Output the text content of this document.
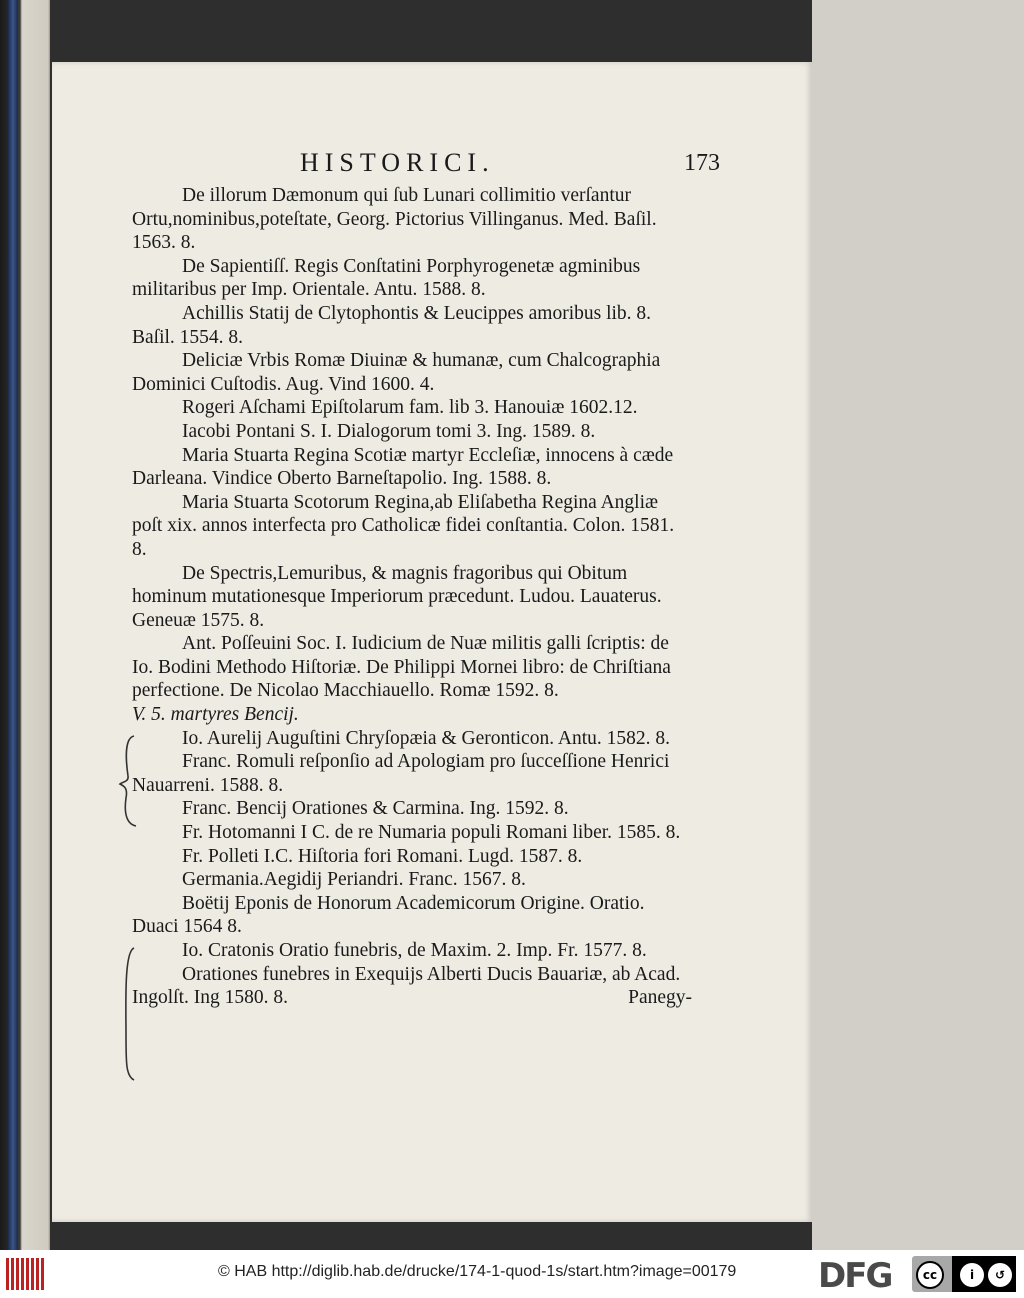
HISTORICI.	173

De illorum Dæmonum qui ſub Lunari collimitio verſantur Ortu,nominibus,poteſtate, Georg. Pictorius Villinganus. Med. Baſil. 1563. 8.

De Sapientiſſ. Regis Conſtatini Porphyrogenetæ agminibus militaribus per Imp. Orientale. Antu. 1588. 8.

Achillis Statij de Clytophontis & Leucippes amoribus lib. 8. Baſil. 1554. 8.

Deliciæ Vrbis Romæ Diuinæ & humanæ, cum Chalcographia Dominici Cuſtodis. Aug. Vind 1600. 4.

Rogeri Aſchami Epiſtolarum fam. lib 3. Hanouiæ 1602.12.

Iacobi Pontani S. I. Dialogorum tomi 3. Ing. 1589. 8.

Maria Stuarta Regina Scotiæ martyr Eccleſiæ, innocens à cæde Darleana. Vindice Oberto Barneſtapolio. Ing. 1588. 8.

Maria Stuarta Scotorum Regina,ab Eliſabetha Regina Angliæ poſt xix. annos interfecta pro Catholicæ fidei conſtantia. Colon. 1581. 8.

De Spectris,Lemuribus, & magnis fragoribus qui Obitum hominum mutationesque Imperiorum præcedunt. Ludou. Lauaterus. Geneuæ 1575. 8.

Ant. Poſſeuini Soc. I. Iudicium de Nuæ militis galli ſcriptis: de Io. Bodini Methodo Hiſtoriæ. De Philippi Mornei libro: de Chriſtiana perfectione. De Nicolao Macchiauello. Romæ 1592. 8.

V. 5. martyres Bencij.

Io. Aurelij Auguſtini Chryſopæia & Geronticon. Antu. 1582. 8.

Franc. Romuli reſponſio ad Apologiam pro ſucceſſione Henrici Nauarreni. 1588. 8.

Franc. Bencij Orationes & Carmina. Ing. 1592. 8.

Fr. Hotomanni I C. de re Numaria populi Romani liber. 1585. 8.

Fr. Polleti I.C. Hiſtoria fori Romani. Lugd. 1587. 8.

Germania.Aegidij Periandri. Franc. 1567. 8.

Boëtij Eponis de Honorum Academicorum Origine. Oratio. Duaci 1564 8.

Io. Cratonis Oratio funebris, de Maxim. 2. Imp. Fr. 1577. 8.

Orationes funebres in Exequijs Alberti Ducis Bauariæ, ab Acad. Ingolſt. Ing 1580. 8.	Panegy-

© HAB http://diglib.hab.de/drucke/174-1-quod-1s/start.htm?image=00179 DFG	cc	i	↺
